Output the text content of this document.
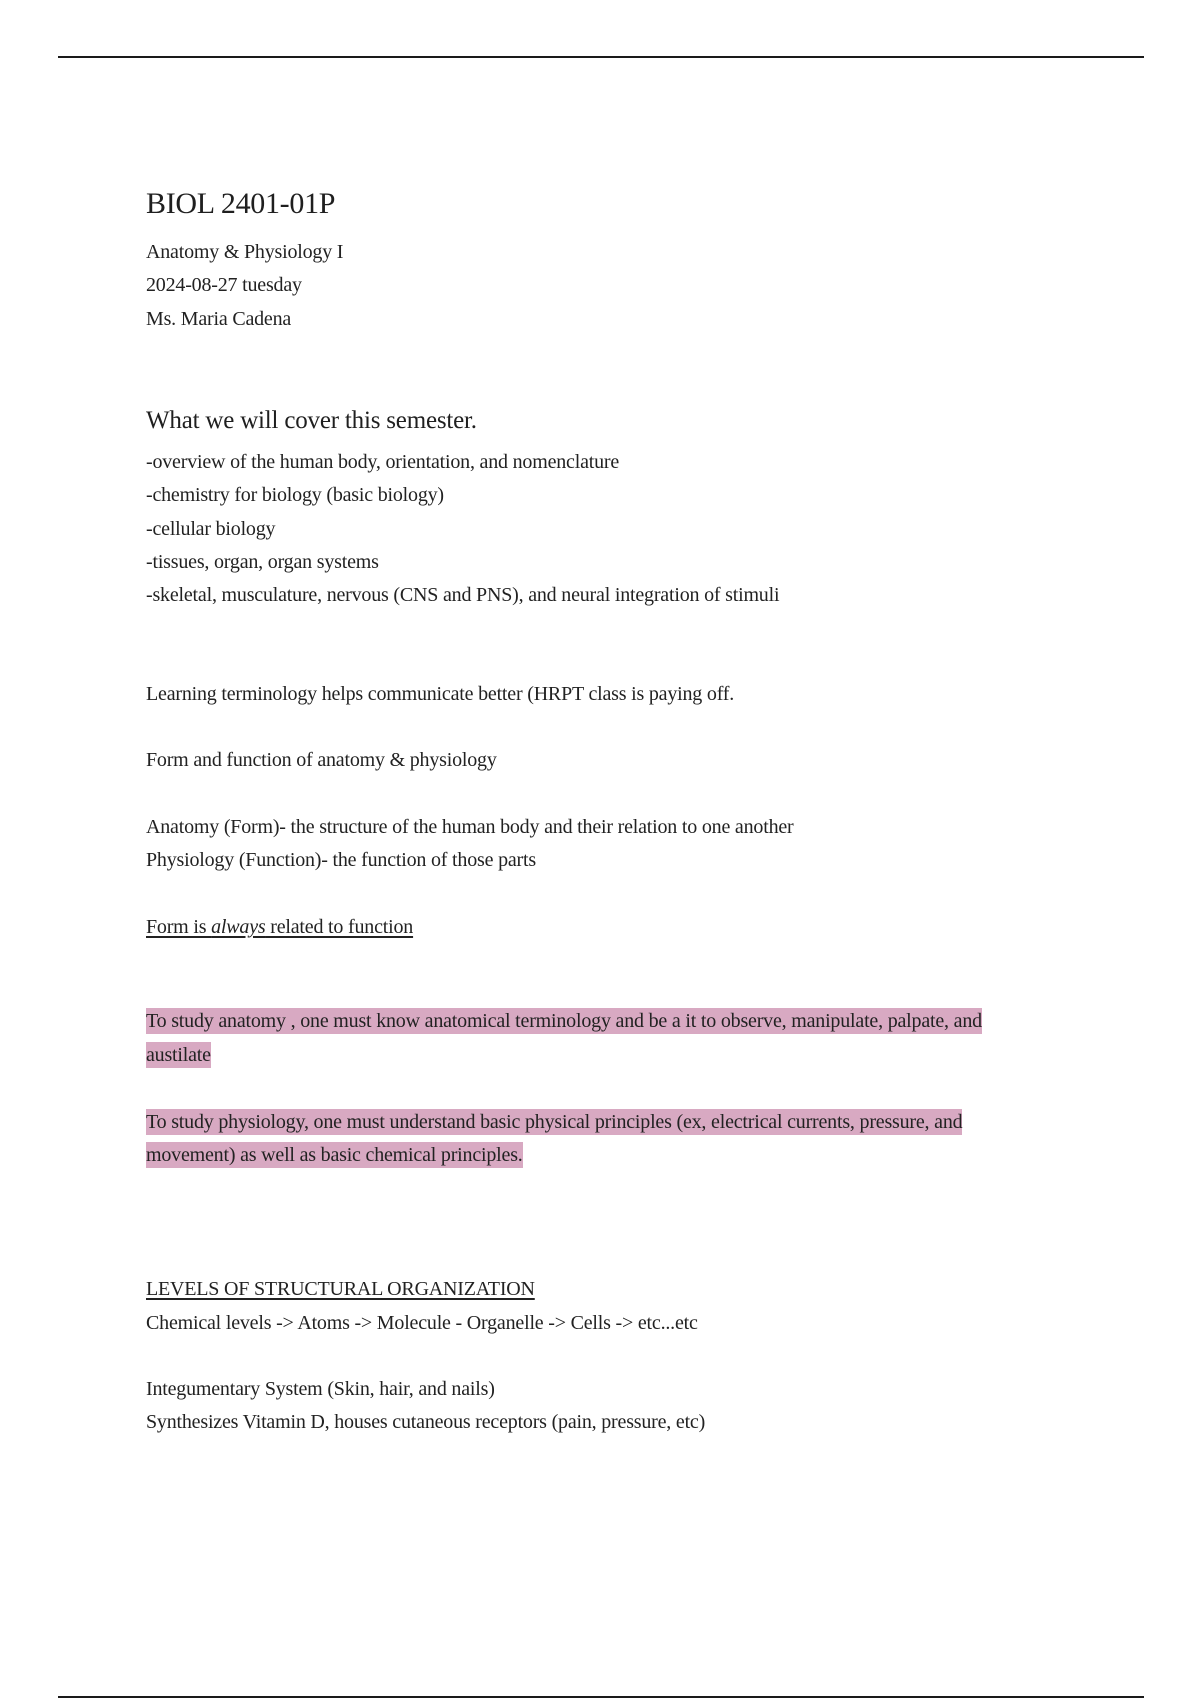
BIOL 2401-01P
Anatomy & Physiology I
2024-08-27 tuesday
Ms. Maria Cadena
What we will cover this semester.
-overview of the human body, orientation, and nomenclature
-chemistry for biology (basic biology)
-cellular biology
-tissues, organ, organ systems
-skeletal, musculature, nervous (CNS and PNS), and neural integration of stimuli
Learning terminology helps communicate better (HRPT class is paying off.
Form and function of anatomy & physiology
Anatomy (Form)- the structure of the human body and their relation to one another
Physiology (Function)- the function of those parts
Form is always related to function
To study anatomy , one must know anatomical terminology and be a it to observe, manipulate, palpate, and
austilate
To study physiology, one must understand basic physical principles (ex, electrical currents, pressure, and
movement) as well as basic chemical principles.
LEVELS OF STRUCTURAL ORGANIZATION
Chemical levels -> Atoms -> Molecule - Organelle -> Cells -> etc...etc
Integumentary System (Skin, hair, and nails)
Synthesizes Vitamin D, houses cutaneous receptors (pain, pressure, etc)
